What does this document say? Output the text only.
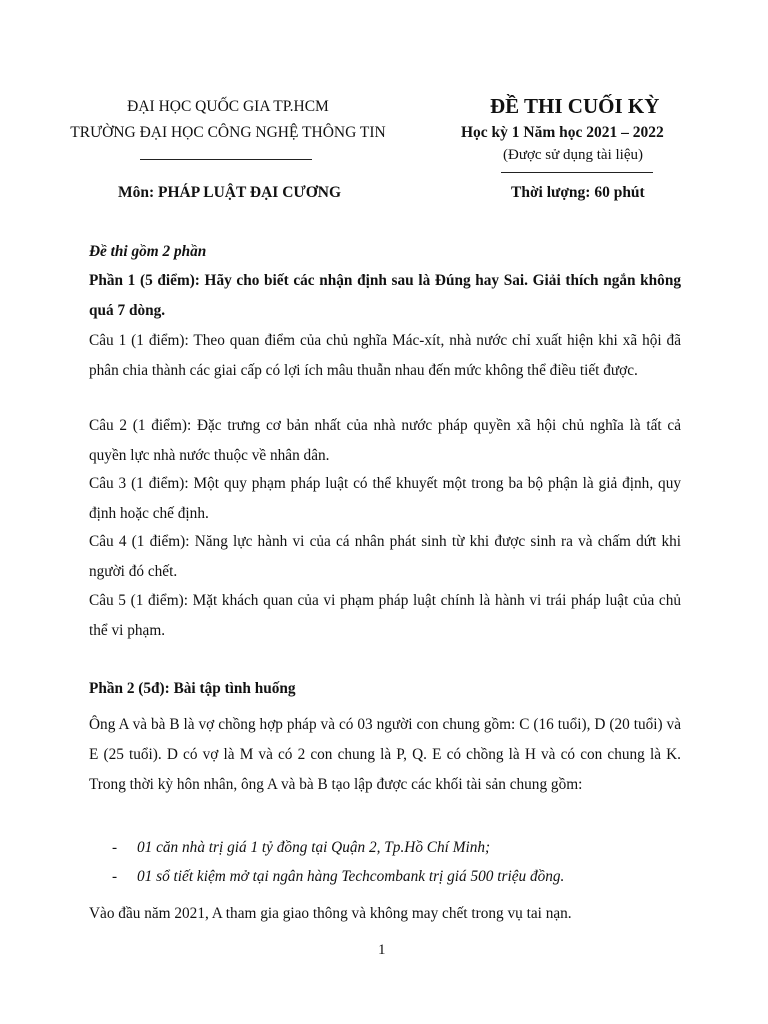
ĐẠI HỌC QUỐC GIA TP.HCM
TRƯỜNG ĐẠI HỌC CÔNG NGHỆ THÔNG TIN
ĐỀ THI CUỐI KỲ
Học kỳ 1 Năm học 2021 – 2022
(Được sử dụng tài liệu)
Môn: PHÁP LUẬT ĐẠI CƯƠNG	Thời lượng: 60 phút
Đề thi gồm 2 phần
Phần 1 (5 điểm): Hãy cho biết các nhận định sau là Đúng hay Sai. Giải thích ngắn không quá 7 dòng.
Câu 1 (1 điểm): Theo quan điểm của chủ nghĩa Mác-xít, nhà nước chỉ xuất hiện khi xã hội đã phân chia thành các giai cấp có lợi ích mâu thuẫn nhau đến mức không thể điều tiết được.
Câu 2 (1 điểm): Đặc trưng cơ bản nhất của nhà nước pháp quyền xã hội chủ nghĩa là tất cả quyền lực nhà nước thuộc về nhân dân.
Câu 3 (1 điểm): Một quy phạm pháp luật có thể khuyết một trong ba bộ phận là giả định, quy định hoặc chế định.
Câu 4 (1 điểm): Năng lực hành vi của cá nhân phát sinh từ khi được sinh ra và chấm dứt khi người đó chết.
Câu 5 (1 điểm): Mặt khách quan của vi phạm pháp luật chính là hành vi trái pháp luật của chủ thể vi phạm.
Phần 2 (5đ): Bài tập tình huống
Ông A và bà B là vợ chồng hợp pháp và có 03 người con chung gồm: C (16 tuổi), D (20 tuổi) và E (25 tuổi). D có vợ là M và có 2 con chung là P, Q. E có chồng là H và có con chung là K. Trong thời kỳ hôn nhân, ông A và bà B tạo lập được các khối tài sản chung gồm:
- 01 căn nhà trị giá 1 tỷ đồng tại Quận 2, Tp.Hồ Chí Minh;
- 01 sổ tiết kiệm mở tại ngân hàng Techcombank trị giá 500 triệu đồng.
Vào đầu năm 2021, A tham gia giao thông và không may chết trong vụ tai nạn.
1
